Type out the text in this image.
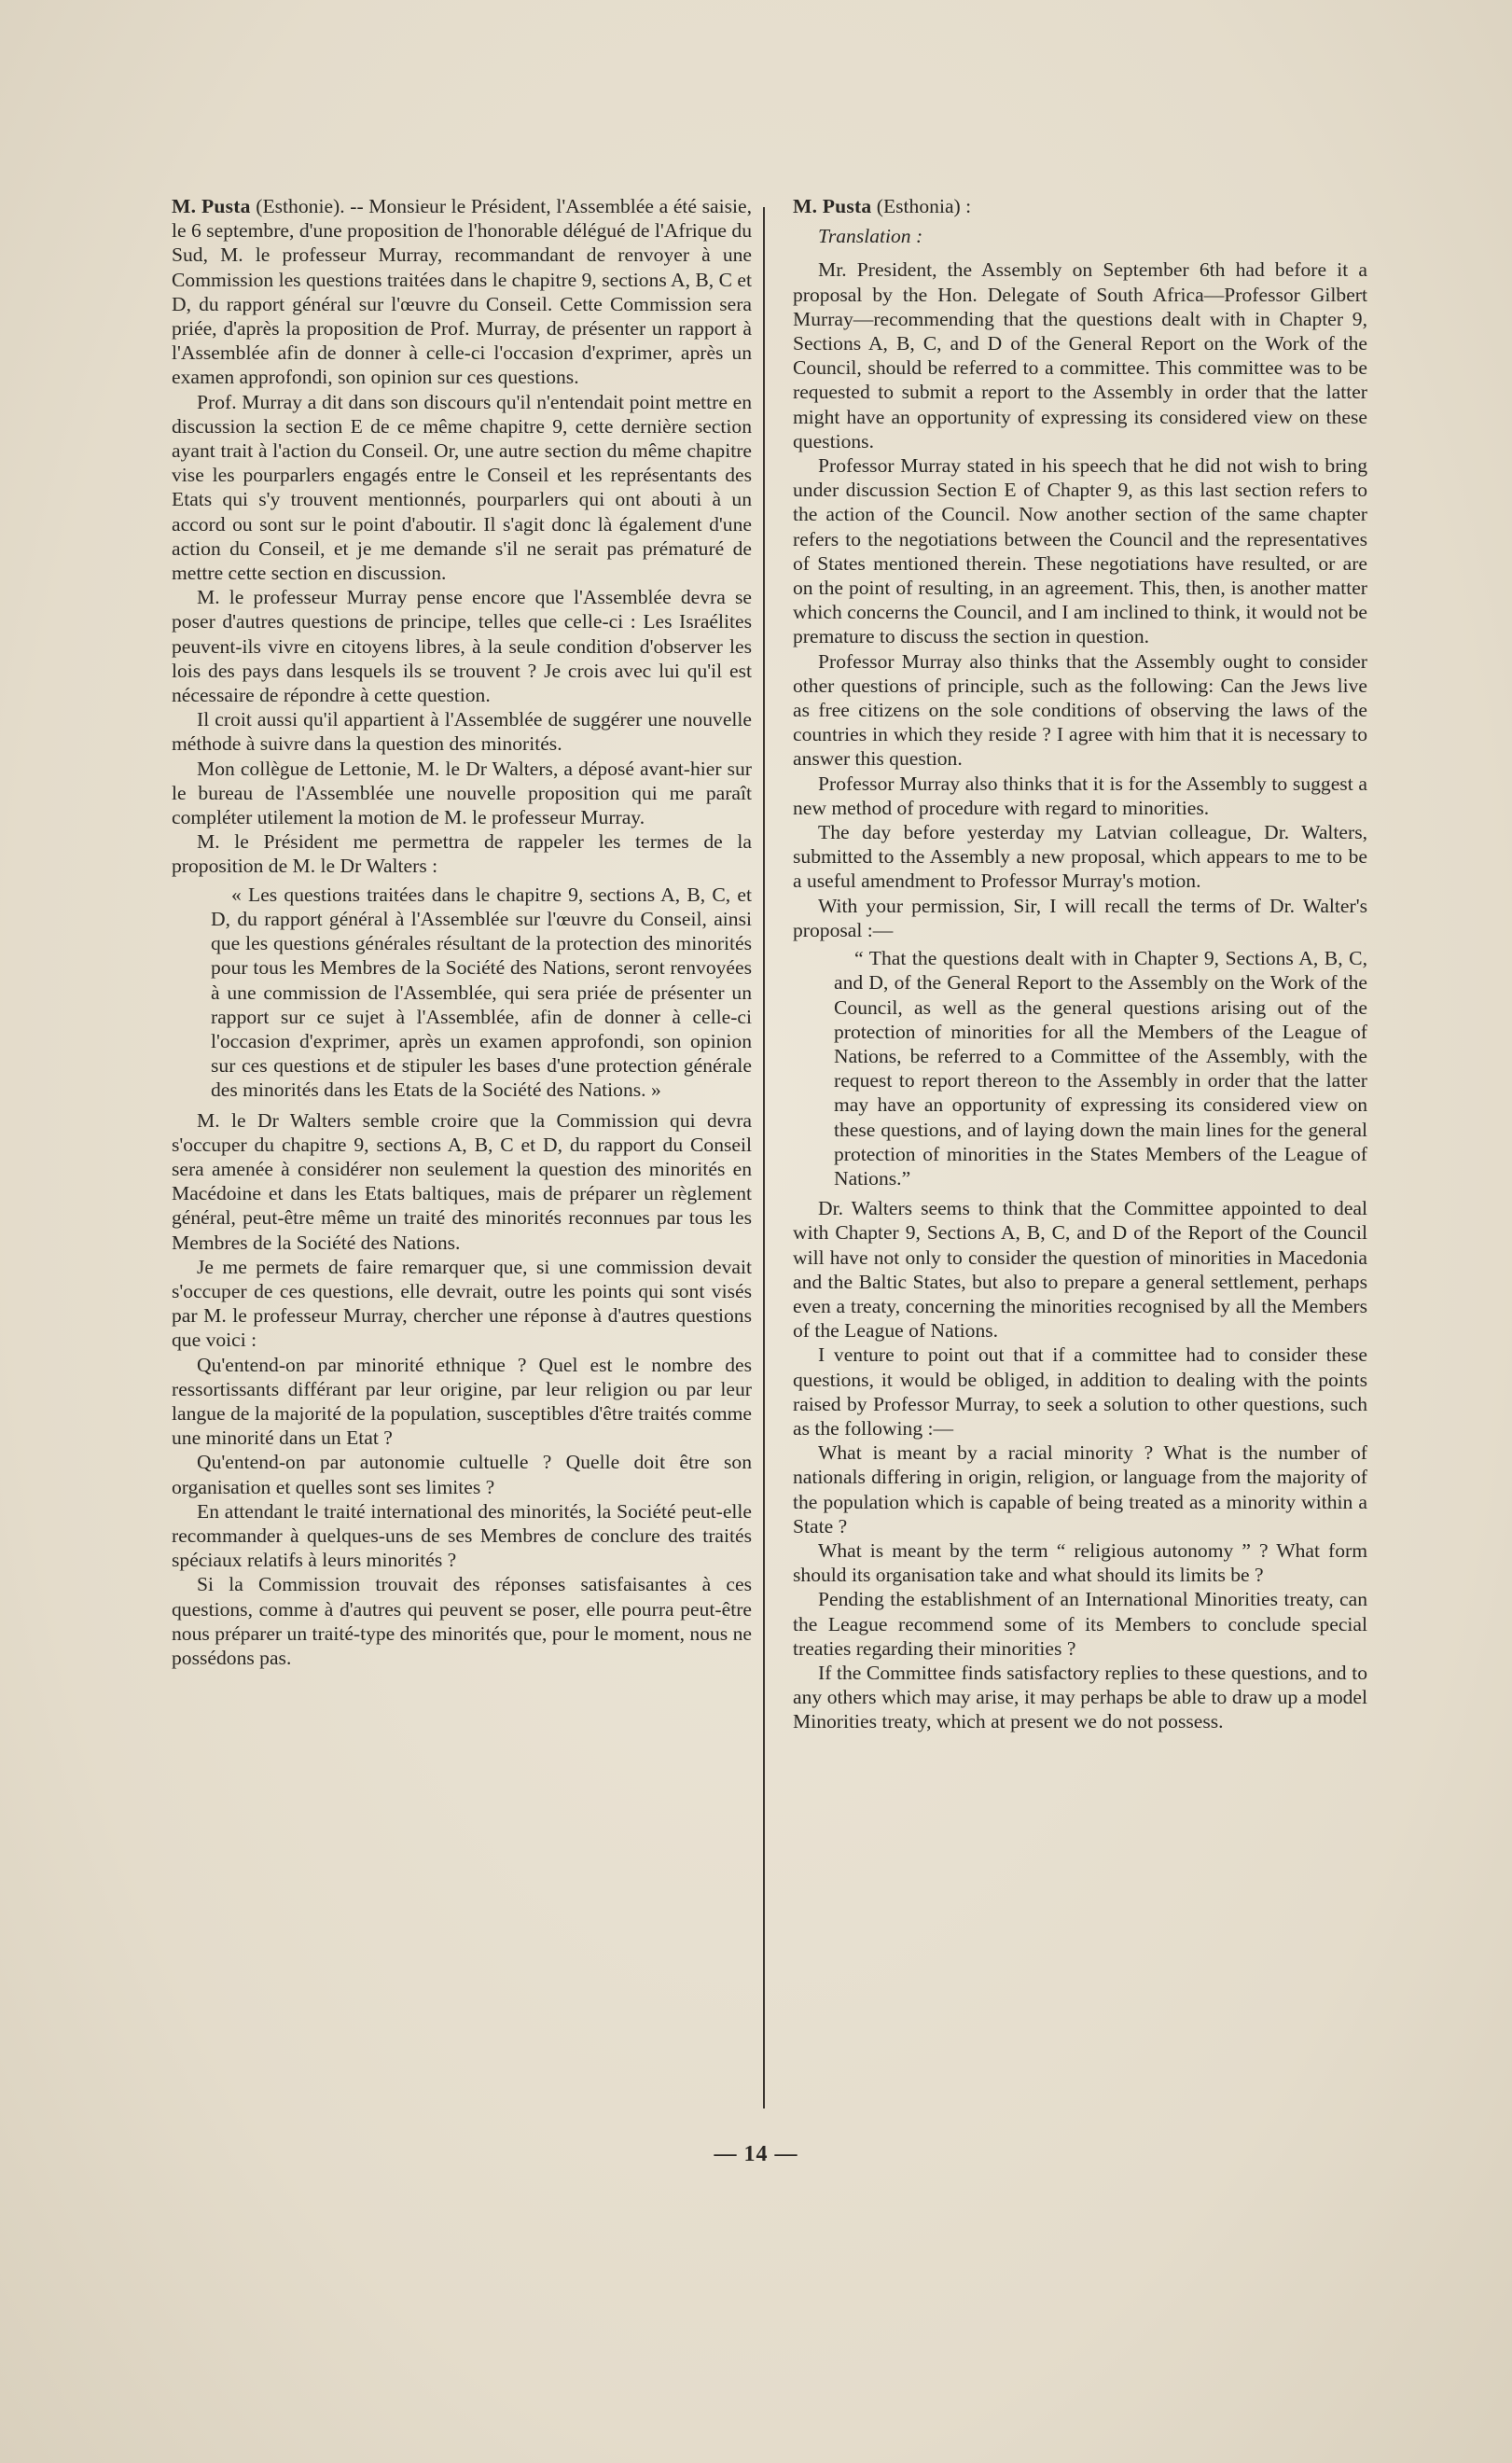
M. Pusta (Esthonie). -- Monsieur le Président, l'Assemblée a été saisie, le 6 septembre, d'une proposition de l'honorable délégué de l'Afrique du Sud, M. le professeur Murray, recommandant de renvoyer à une Commission les questions traitées dans le chapitre 9, sections A, B, C et D, du rapport général sur l'œuvre du Conseil. Cette Commission sera priée, d'après la proposition de Prof. Murray, de présenter un rapport à l'Assemblée afin de donner à celle-ci l'occasion d'exprimer, après un examen approfondi, son opinion sur ces questions.

Prof. Murray a dit dans son discours qu'il n'entendait point mettre en discussion la section E de ce même chapitre 9, cette dernière section ayant trait à l'action du Conseil. Or, une autre section du même chapitre vise les pourparlers engagés entre le Conseil et les représentants des Etats qui s'y trouvent mentionnés, pourparlers qui ont abouti à un accord ou sont sur le point d'aboutir. Il s'agit donc là également d'une action du Conseil, et je me demande s'il ne serait pas prématuré de mettre cette section en discussion.

M. le professeur Murray pense encore que l'Assemblée devra se poser d'autres questions de principe, telles que celle-ci : Les Israélites peuvent-ils vivre en citoyens libres, à la seule condition d'observer les lois des pays dans lesquels ils se trouvent ? Je crois avec lui qu'il est nécessaire de répondre à cette question.

Il croit aussi qu'il appartient à l'Assemblée de suggérer une nouvelle méthode à suivre dans la question des minorités.

Mon collègue de Lettonie, M. le Dr Walters, a déposé avant-hier sur le bureau de l'Assemblée une nouvelle proposition qui me paraît compléter utilement la motion de M. le professeur Murray.

M. le Président me permettra de rappeler les termes de la proposition de M. le Dr Walters :

« Les questions traitées dans le chapitre 9, sections A, B, C, et D, du rapport général à l'Assemblée sur l'œuvre du Conseil, ainsi que les questions générales résultant de la protection des minorités pour tous les Membres de la Société des Nations, seront renvoyées à une commission de l'Assemblée, qui sera priée de présenter un rapport sur ce sujet à l'Assemblée, afin de donner à celle-ci l'occasion d'exprimer, après un examen approfondi, son opinion sur ces questions et de stipuler les bases d'une protection générale des minorités dans les Etats de la Société des Nations. »

M. le Dr Walters semble croire que la Commission qui devra s'occuper du chapitre 9, sections A, B, C et D, du rapport du Conseil sera amenée à considérer non seulement la question des minorités en Macédoine et dans les Etats baltiques, mais de préparer un règlement général, peut-être même un traité des minorités reconnues par tous les Membres de la Société des Nations.

Je me permets de faire remarquer que, si une commission devait s'occuper de ces questions, elle devrait, outre les points qui sont visés par M. le professeur Murray, chercher une réponse à d'autres questions que voici :

Qu'entend-on par minorité ethnique ? Quel est le nombre des ressortissants différant par leur origine, par leur religion ou par leur langue de la majorité de la population, susceptibles d'être traités comme une minorité dans un Etat ?

Qu'entend-on par autonomie cultuelle ? Quelle doit être son organisation et quelles sont ses limites ?

En attendant le traité international des minorités, la Société peut-elle recommander à quelques-uns de ses Membres de conclure des traités spéciaux relatifs à leurs minorités ?

Si la Commission trouvait des réponses satisfaisantes à ces questions, comme à d'autres qui peuvent se poser, elle pourra peut-être nous préparer un traité-type des minorités que, pour le moment, nous ne possédons pas.

M. Pusta (Esthonia) :

Translation :

Mr. President, the Assembly on September 6th had before it a proposal by the Hon. Delegate of South Africa—Professor Gilbert Murray—recommending that the questions dealt with in Chapter 9, Sections A, B, C, and D of the General Report on the Work of the Council, should be referred to a committee. This committee was to be requested to submit a report to the Assembly in order that the latter might have an opportunity of expressing its considered view on these questions.

Professor Murray stated in his speech that he did not wish to bring under discussion Section E of Chapter 9, as this last section refers to the action of the Council. Now another section of the same chapter refers to the negotiations between the Council and the representatives of States mentioned therein. These negotiations have resulted, or are on the point of resulting, in an agreement. This, then, is another matter which concerns the Council, and I am inclined to think, it would not be premature to discuss the section in question.

Professor Murray also thinks that the Assembly ought to consider other questions of principle, such as the following: Can the Jews live as free citizens on the sole conditions of observing the laws of the countries in which they reside ? I agree with him that it is necessary to answer this question.

Professor Murray also thinks that it is for the Assembly to suggest a new method of procedure with regard to minorities.

The day before yesterday my Latvian colleague, Dr. Walters, submitted to the Assembly a new proposal, which appears to me to be a useful amendment to Professor Murray's motion.

With your permission, Sir, I will recall the terms of Dr. Walter's proposal :—

“ That the questions dealt with in Chapter 9, Sections A, B, C, and D, of the General Report to the Assembly on the Work of the Council, as well as the general questions arising out of the protection of minorities for all the Members of the League of Nations, be referred to a Committee of the Assembly, with the request to report thereon to the Assembly in order that the latter may have an opportunity of expressing its considered view on these questions, and of laying down the main lines for the general protection of minorities in the States Members of the League of Nations.”

Dr. Walters seems to think that the Committee appointed to deal with Chapter 9, Sections A, B, C, and D of the Report of the Council will have not only to consider the question of minorities in Macedonia and the Baltic States, but also to prepare a general settlement, perhaps even a treaty, concerning the minorities recognised by all the Members of the League of Nations.

I venture to point out that if a committee had to consider these questions, it would be obliged, in addition to dealing with the points raised by Professor Murray, to seek a solution to other questions, such as the following :—

What is meant by a racial minority ? What is the number of nationals differing in origin, religion, or language from the majority of the population which is capable of being treated as a minority within a State ?

What is meant by the term “ religious autonomy ” ? What form should its organisation take and what should its limits be ?

Pending the establishment of an International Minorities treaty, can the League recommend some of its Members to conclude special treaties regarding their minorities ?

If the Committee finds satisfactory replies to these questions, and to any others which may arise, it may perhaps be able to draw up a model Minorities treaty, which at present we do not possess.

— 14 —
